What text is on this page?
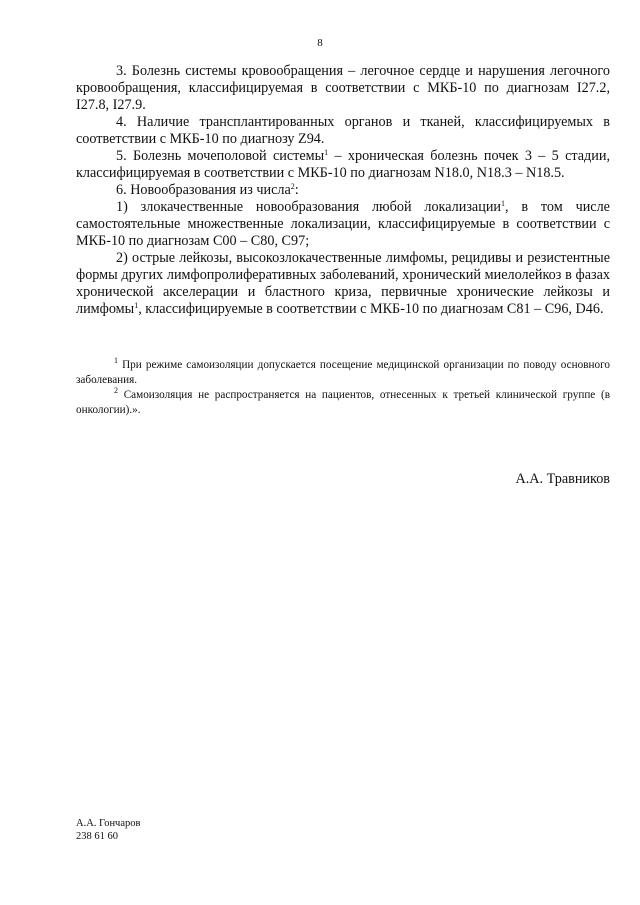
8

3. Болезнь системы кровообращения – легочное сердце и нарушения легочного кровообращения, классифицируемая в соответствии с МКБ-10 по диагнозам I27.2, I27.8, I27.9.

4. Наличие трансплантированных органов и тканей, классифицируемых в соответствии с МКБ-10 по диагнозу Z94.

5. Болезнь мочеполовой системы$^1$ – хроническая болезнь почек 3 – 5 стадии, классифицируемая в соответствии с МКБ-10 по диагнозам N18.0, N18.3 – N18.5.

6. Новообразования из числа$^2$:

1) злокачественные новообразования любой локализации$^1$, в том числе самостоятельные множественные локализации, классифицируемые в соответствии с МКБ-10 по диагнозам C00 – C80, C97;

2) острые лейкозы, высокозлокачественные лимфомы, рецидивы и резистентные формы других лимфопролиферативных заболеваний, хронический миелолейкоз в фазах хронической акселерации и бластного криза, первичные хронические лейкозы и лимфомы$^1$, классифицируемые в соответствии с МКБ-10 по диагнозам C81 – C96, D46.

$^1$ При режиме самоизоляции допускается посещение медицинской организации по поводу основного заболевания.

$^2$ Самоизоляция не распространяется на пациентов, отнесенных к третьей клинической группе (в онкологии).».

А.А. Травников
А.А. Гончаров
238 61 60
